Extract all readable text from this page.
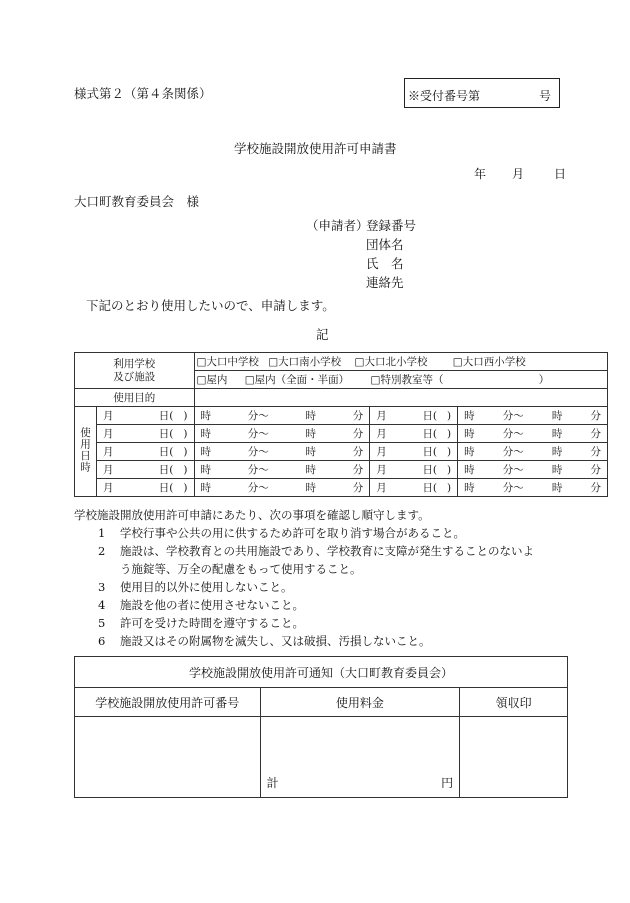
様式第２（第４条関係）	※受付番号第	号
学校施設開放使用許可申請書
年 月 日
大口町教育委員会　様
（申請者）
登録番号
団体名
氏　名
連絡先
下記のとおり使用したいので、申請します。
記
利用学校
及び施設		□大口中学校 □大口南小学校 □大口北小学校 □大口西小学校		
		□屋内 □屋内（全面・半面） □特別教室等（ ）		
使用目的				
使用日時	月 日( )	時 分～ 時 分	月 日( )	時 分～ 時 分

	月 日( )	時 分～ 時 分	月 日( )	時 分～ 時 分

	月 日( )	時 分～ 時 分	月 日( )	時 分～ 時 分

	月 日( )	時 分～ 時 分	月 日( )	時 分～ 時 分

	月 日( )	時 分～ 時 分	月 日( )	時 分～ 時 分
学校施設開放使用許可申請にあたり、次の事項を確認し順守します。
1 学校行事や公共の用に供するため許可を取り消す場合があること。
2 施設は、学校教育との共用施設であり、学校教育に支障が発生することのないよ
う施錠等、万全の配慮をもって使用すること。
3 使用目的以外に使用しないこと。
4 施設を他の者に使用させないこと。
5 許可を受けた時間を遵守すること。
6 施設又はその附属物を滅失し、又は破損、汚損しないこと。
学校施設開放使用許可通知（大口町教育委員会）		
学校施設開放使用許可番号	使用料金	領収印

	計 円	
